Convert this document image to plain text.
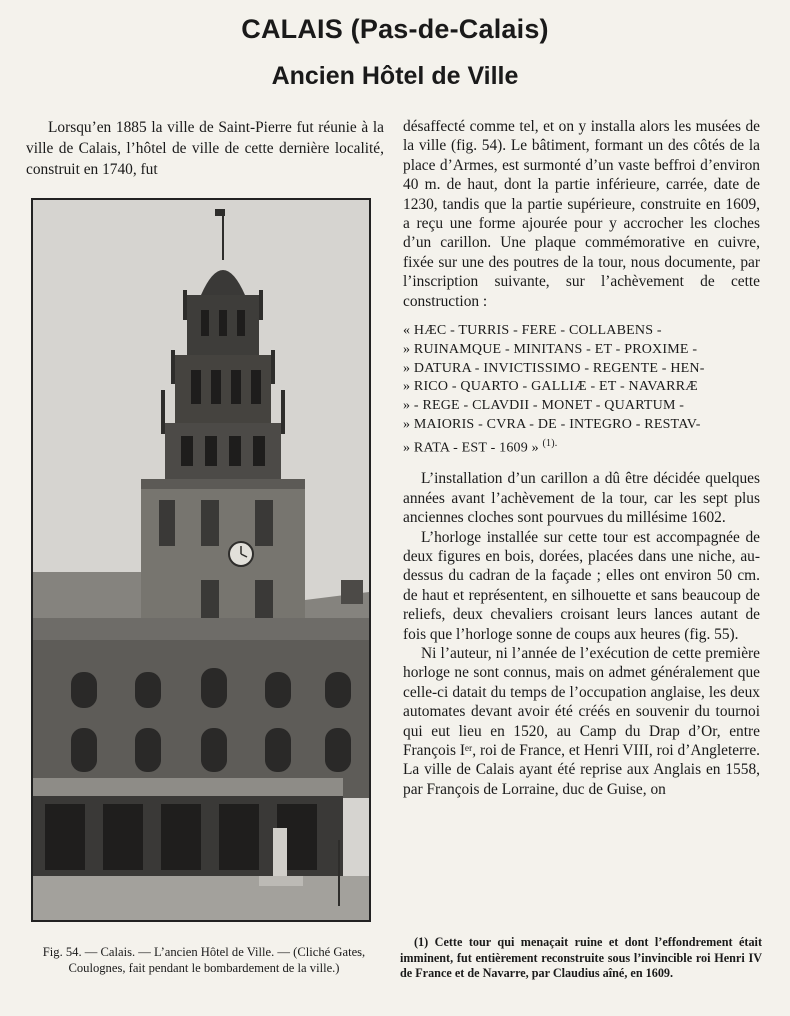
CALAIS (Pas-de-Calais)
Ancien Hôtel de Ville
Lorsqu’en 1885 la ville de Saint-Pierre fut réunie à la ville de Calais, l’hôtel de ville de cette dernière localité, construit en 1740, fut
Fig. 54. — Calais. — L’ancien Hôtel de Ville. — (Cliché Gates, Coulognes, fait pendant le bombardement de la ville.)

désaffecté comme tel, et on y installa alors les musées de la ville (fig. 54). Le bâtiment, formant un des côtés de la place d’Armes, est surmonté d’un vaste beffroi d’environ 40 m. de haut, dont la partie inférieure, carrée, date de 1230, tandis que la partie supérieure, construite en 1609, a reçu une forme ajourée pour y accrocher les cloches d’un carillon. Une plaque commémorative en cuivre, fixée sur une des poutres de la tour, nous documente, par l’inscription suivante, sur l’achèvement de cette construction :

« HÆC - TURRIS - FERE - COLLABENS -
» RUINAMQUE - MINITANS - ET - PROXIME -
» DATURA - INVICTISSIMO - REGENTE - HEN-
» RICO - QUARTO - GALLIÆ - ET - NAVARRÆ
» - REGE - CLAVDII - MONET - QUARTUM -
» MAIORIS - CVRA - DE - INTEGRO - RESTAV-
» RATA - EST - 1609 » $^{(1).}$

L’installation d’un carillon a dû être décidée quelques années avant l’achèvement de la tour, car les sept plus anciennes cloches sont pourvues du millésime 1602.

L’horloge installée sur cette tour est accompagnée de deux figures en bois, dorées, placées dans une niche, au-dessus du cadran de la façade ; elles ont environ 50 cm. de haut et représentent, en silhouette et sans beaucoup de reliefs, deux chevaliers croisant leurs lances autant de fois que l’horloge sonne de coups aux heures (fig. 55).

Ni l’auteur, ni l’année de l’exécution de cette première horloge ne sont connus, mais on admet généralement que celle-ci datait du temps de l’occupation anglaise, les deux automates devant avoir été créés en souvenir du tournoi qui eut lieu en 1520, au Camp du Drap d’Or, entre François Iᵉʳ, roi de France, et Henri VIII, roi d’Angleterre. La ville de Calais ayant été reprise aux Anglais en 1558, par François de Lorraine, duc de Guise, on

(1) Cette tour qui menaçait ruine et dont l’effondrement était imminent, fut entièrement reconstruite sous l’invincible roi Henri IV de France et de Navarre, par Claudius aîné, en 1609.
